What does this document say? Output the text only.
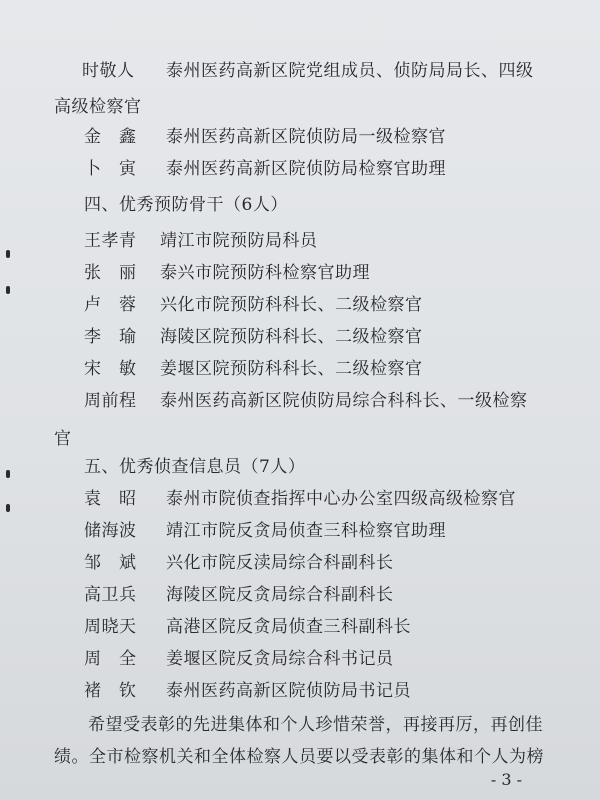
时敬人 泰州医药高新区院党组成员、侦防局局长、四级
高级检察官
金　鑫 泰州医药高新区院侦防局一级检察官
卜　寅 泰州医药高新区院侦防局检察官助理
四、优秀预防骨干（6人）
王孝青 靖江市院预防局科员
张　丽 泰兴市院预防科检察官助理
卢　蓉 兴化市院预防科科长、二级检察官
李　瑜 海陵区院预防科科长、二级检察官
宋　敏 姜堰区院预防科科长、二级检察官
周前程 泰州医药高新区院侦防局综合科科长、一级检察
官
五、优秀侦查信息员（7人）
袁　昭 泰州市院侦查指挥中心办公室四级高级检察官
储海波 靖江市院反贪局侦查三科检察官助理
邹　斌 兴化市院反渎局综合科副科长
高卫兵 海陵区院反贪局综合科副科长
周晓天 高港区院反贪局侦查三科副科长
周　全 姜堰区院反贪局综合科书记员
褚　钦 泰州医药高新区院侦防局书记员
希望受表彰的先进集体和个人珍惜荣誉，再接再厉，再创佳
绩。全市检察机关和全体检察人员要以受表彰的集体和个人为榜
- 3 -
